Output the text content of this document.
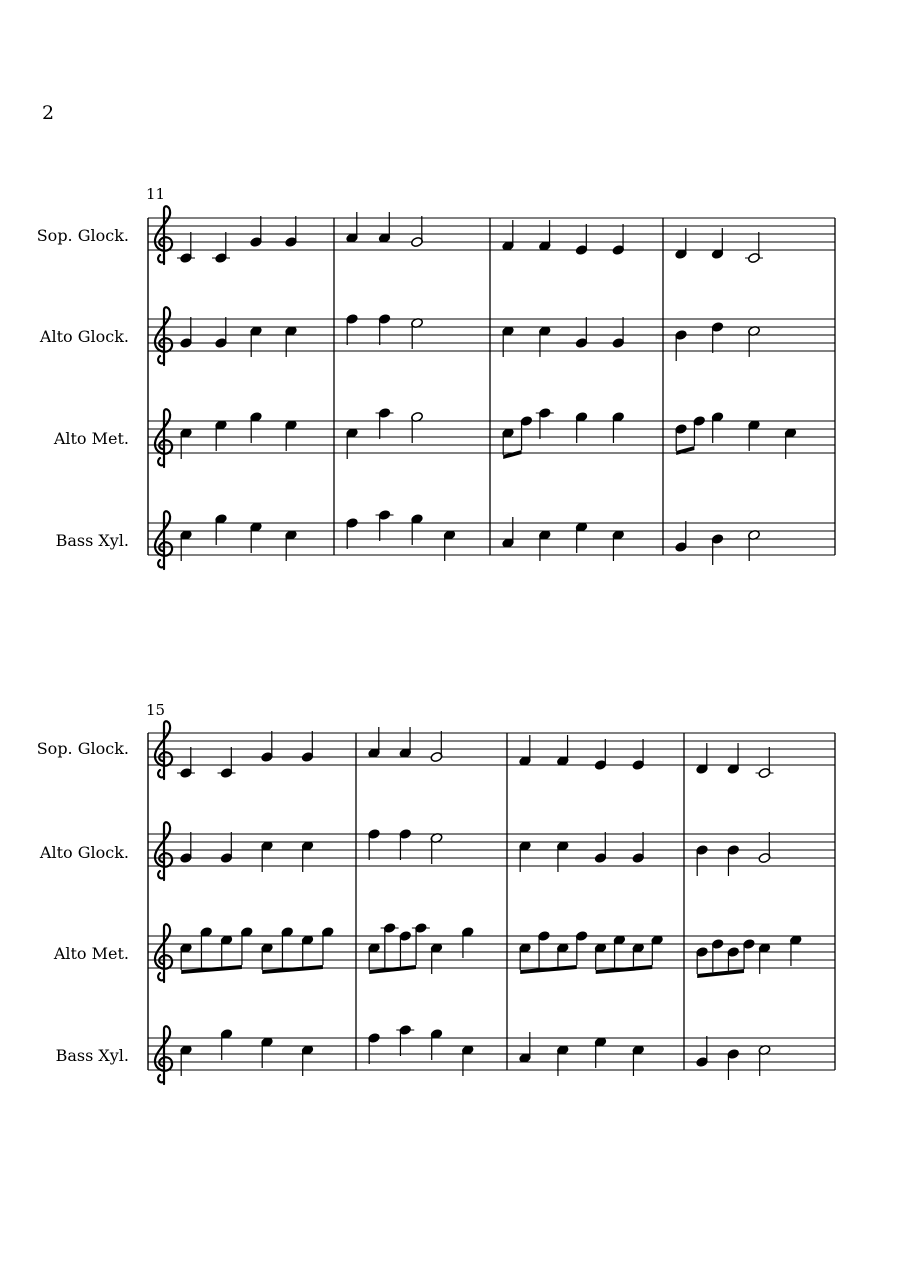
2
Sop. Glock.
Alto Glock.
Alto Met.
Bass Xyl.
Sop. Glock.
Alto Glock.
Alto Met.
Bass Xyl.
11
15
